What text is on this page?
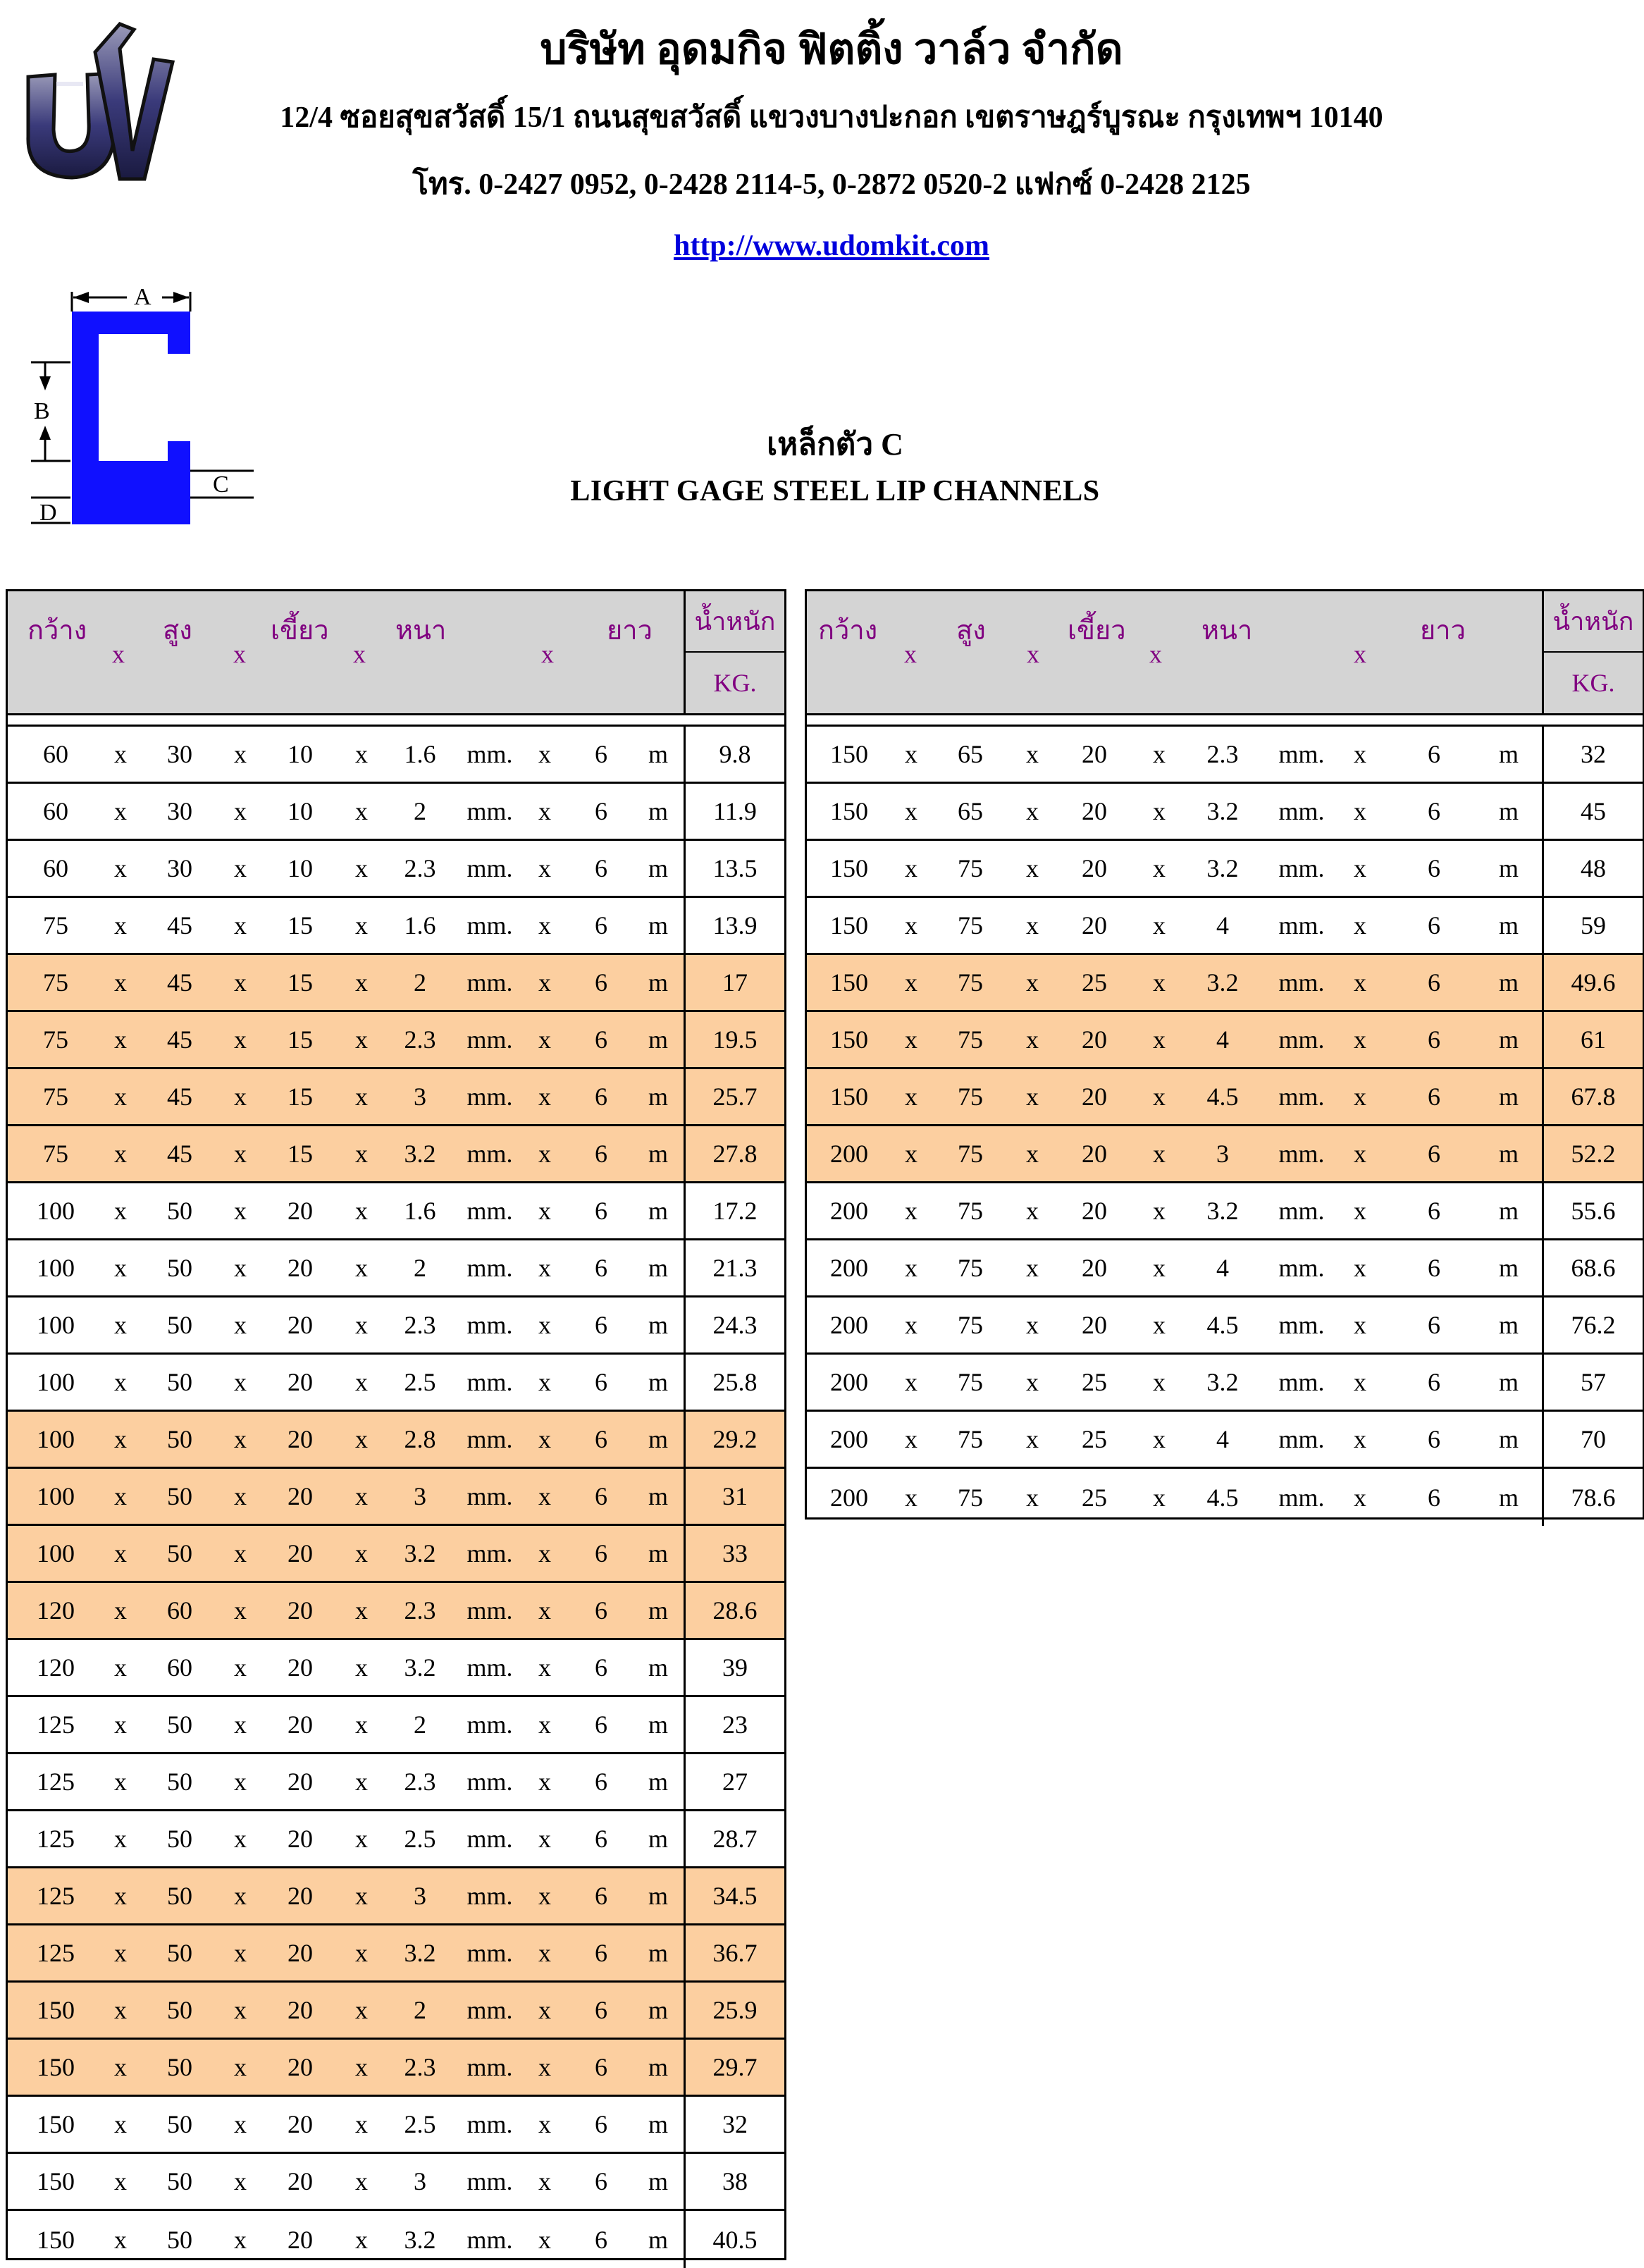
บริษัท อุดมกิจ ฟิตติ้ง วาล์ว จำกัด
12/4 ซอยสุขสวัสดิ์ 15/1 ถนนสุขสวัสดิ์ แขวงบางปะกอก เขตราษฎร์บูรณะ กรุงเทพฯ 10140
โทร. 0-2427 0952, 0-2428 2114-5, 0-2872 0520-2 แฟกซ์ 0-2428 2125
http://www.udomkit.com
A
B
D
C
เหล็กตัว C
LIGHT GAGE STEEL LIP CHANNELS
กว้าง	สูง	เขี้ยว หนา	ยาว
x	x	x	x
น้ำหนัก
KG.
60 x 30 x 10 x 1.6 mm. x 6 m	9.8
60 x 30 x 10 x 2 mm. x 6 m	11.9
60 x 30 x 10 x 2.3 mm. x 6 m	13.5
75 x 45 x 15 x 1.6 mm. x 6 m	13.9
75 x 45 x 15 x 2 mm. x 6 m	17
75 x 45 x 15 x 2.3 mm. x 6 m	19.5
75 x 45 x 15 x 3 mm. x 6 m	25.7
75 x 45 x 15 x 3.2 mm. x 6 m	27.8
100 x 50 x 20 x 1.6 mm. x 6 m	17.2
100 x 50 x 20 x 2 mm. x 6 m	21.3
100 x 50 x 20 x 2.3 mm. x 6 m	24.3
100 x 50 x 20 x 2.5 mm. x 6 m	25.8
100 x 50 x 20 x 2.8 mm. x 6 m	29.2
100 x 50 x 20 x 3 mm. x 6 m	31
100 x 50 x 20 x 3.2 mm. x 6 m	33
120 x 60 x 20 x 2.3 mm. x 6 m	28.6
120 x 60 x 20 x 3.2 mm. x 6 m	39
125 x 50 x 20 x 2 mm. x 6 m	23
125 x 50 x 20 x 2.3 mm. x 6 m	27
125 x 50 x 20 x 2.5 mm. x 6 m	28.7
125 x 50 x 20 x 3 mm. x 6 m	34.5
125 x 50 x 20 x 3.2 mm. x 6 m	36.7
150 x 50 x 20 x 2 mm. x 6 m	25.9
150 x 50 x 20 x 2.3 mm. x 6 m	29.7
150 x 50 x 20 x 2.5 mm. x 6 m	32
150 x 50 x 20 x 3 mm. x 6 m	38
150 x 50 x 20 x 3.2 mm. x 6 m	40.5
กว้าง	สูง	เขี้ยว	หนา	ยาว
x	x	x	x
น้ำหนัก
KG.
150 x 65 x 20 x 2.3 mm. x 6 m	32
150 x 65 x 20 x 3.2 mm. x 6 m	45
150 x 75 x 20 x 3.2 mm. x 6 m	48
150 x 75 x 20 x 4 mm. x 6 m	59
150 x 75 x 25 x 3.2 mm. x 6 m	49.6
150 x 75 x 20 x 4 mm. x 6 m	61
150 x 75 x 20 x 4.5 mm. x 6 m	67.8
200 x 75 x 20 x 3 mm. x 6 m	52.2
200 x 75 x 20 x 3.2 mm. x 6 m	55.6
200 x 75 x 20 x 4 mm. x 6 m	68.6
200 x 75 x 20 x 4.5 mm. x 6 m	76.2
200 x 75 x 25 x 3.2 mm. x 6 m	57
200 x 75 x 25 x 4 mm. x 6 m	70
200 x 75 x 25 x 4.5 mm. x 6 m	78.6
